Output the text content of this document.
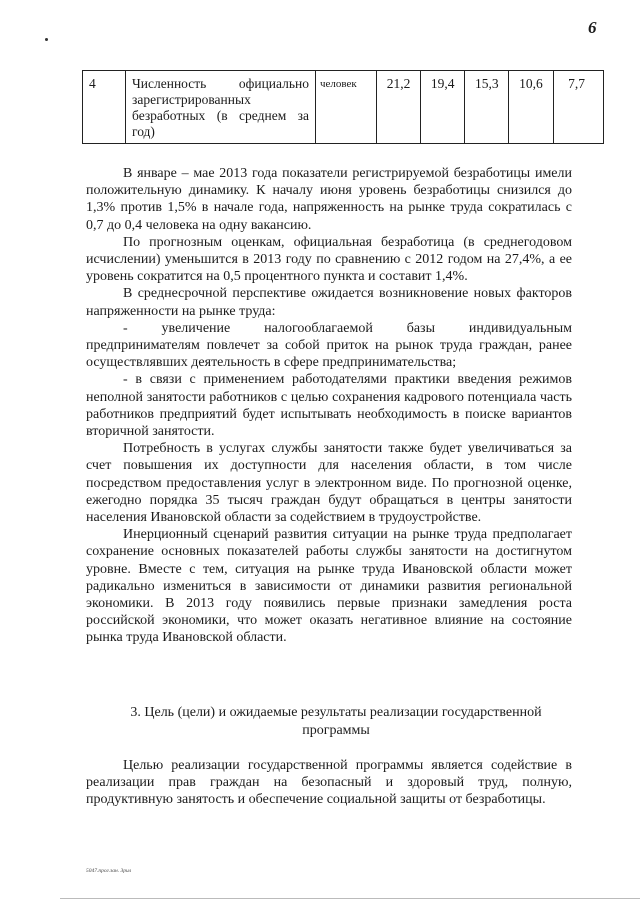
6
4	Численность официально зарегистрированных безработных (в среднем за год)	человек	21,2	19,4	15,3	10,6	7,7

В январе – мае 2013 года показатели регистрируемой безработицы имели положительную динамику. К началу июня уровень безработицы снизился до 1,3% против 1,5% в начале года, напряженность на рынке труда сократилась с 0,7 до 0,4 человека на одну вакансию.

По прогнозным оценкам, официальная безработица (в среднегодовом исчислении) уменьшится в 2013 году по сравнению с 2012 годом на 27,4%, а ее уровень сократится на 0,5 процентного пункта и составит 1,4%.

В среднесрочной перспективе ожидается возникновение новых факторов напряженности на рынке труда:

-        увеличение        налогооблагаемой        базы        индивидуальным предпринимателям повлечет за собой приток на рынок труда граждан, ранее осуществлявших деятельность в сфере предпринимательства;

- в связи с применением работодателями практики введения режимов неполной занятости работников с целью сохранения кадрового потенциала часть работников предприятий будет испытывать необходимость в поиске вариантов вторичной занятости.

Потребность в услугах службы занятости также будет увеличиваться за счет повышения их доступности для населения области, в том числе посредством предоставления услуг в электронном виде. По прогнозной оценке, ежегодно порядка 35 тысяч граждан будут обращаться в центры занятости населения Ивановской области за содействием в трудоустройстве.

Инерционный сценарий развития ситуации на рынке труда предполагает сохранение основных показателей работы службы занятости на достигнутом уровне. Вместе с тем, ситуация на рынке труда Ивановской области может радикально измениться в зависимости от динамики развития региональной экономики. В 2013 году появились первые признаки замедления роста российской экономики, что может оказать негативное влияние на состояние рынка труда Ивановской области.

3. Цель (цели) и ожидаемые результаты реализации государственной программы

Целью реализации государственной программы является содействие в реализации прав граждан на безопасный и здоровый труд, полную, продуктивную занятость и обеспечение социальной защиты от безработицы.

5047.прог.зан. 3рил
